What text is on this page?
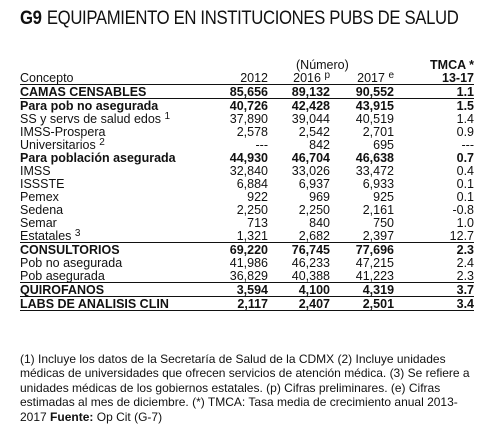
G9 EQUIPAMIENTO EN INSTITUCIONES PUBS DE SALUD
		(Número)		TMCA *
Concepto	2012	2016 $^p$	2017 $^e$	13-17
CAMAS CENSABLES	85,656	89,132	90,552	1.1
Para pob no asegurada	40,726	42,428	43,915	1.5
SS y servs de salud edos $^1$	37,890	39,044	40,519	1.4
IMSS-Prospera	2,578	2,542	2,701	0.9
Universitarios $^2$	---	842	695	---
Para población asegurada	44,930	46,704	46,638	0.7
IMSS	32,840	33,026	33,472	0.4
ISSSTE	6,884	6,937	6,933	0.1
Pemex	922	969	925	0.1
Sedena	2,250	2,250	2,161	-0.8
Semar	713	840	750	1.0
Estatales $^3$	1,321	2,682	2,397	12.7
CONSULTORIOS	69,220	76,745	77,696	2.3
Pob no asegurada	41,986	46,233	47,215	2.4
Pob asegurada	36,829	40,388	41,223	2.3
QUIROFANOS	3,594	4,100	4,319	3.7
LABS DE ANALISIS CLIN	2,117	2,407	2,501	3.4
(1) Incluye los datos de la Secretaría de Salud de la CDMX (2) Incluye unidades médicas de universidades que ofrecen servicios de atención médica. (3) Se refiere a unidades médicas de los gobiernos estatales. (p) Cifras preliminares. (e) Cifras estimadas al mes de diciembre. (*) TMCA: Tasa media de crecimiento anual 2013-2017 Fuente: Op Cit (G-7)
